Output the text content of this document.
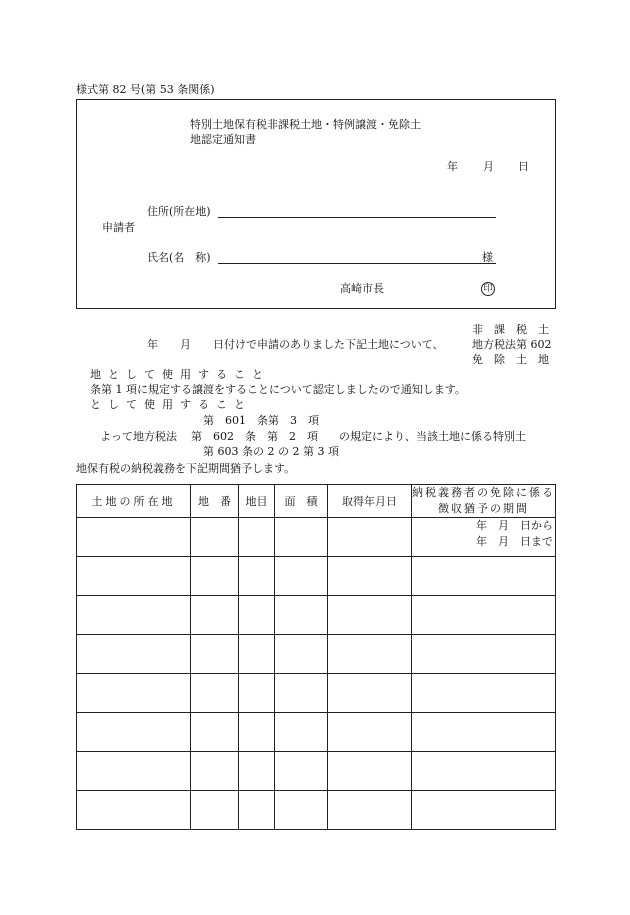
様式第 82 号(第 53 条関係)
特別土地保有税非課税土地・特例譲渡・免除土
地認定通知書
年 月 日
住所(所在地)
申請者
氏名(名　称)	様
高崎市長	印
非　課　税　土
年　　月　　日付けで申請のありました下記土地について、	地方税法第 602
免　除　土　地
地として使用すること
条第 1 項に規定する譲渡をすることについて認定しましたので通知します。
として使用すること
第　601　条第　3　項
よって地方税法 第　602　条　第　2　項 の規定により、当該土地に係る特別土
第 603 条の 2 の 2 第 3 項
地保有税の納税義務を下記期間猶予します。
土地の所在地	地　番	地目	面　積	取得年月日	納税義務者の免除に係る徴収猶予の期間

					年　月　日から
年　月　日まで
